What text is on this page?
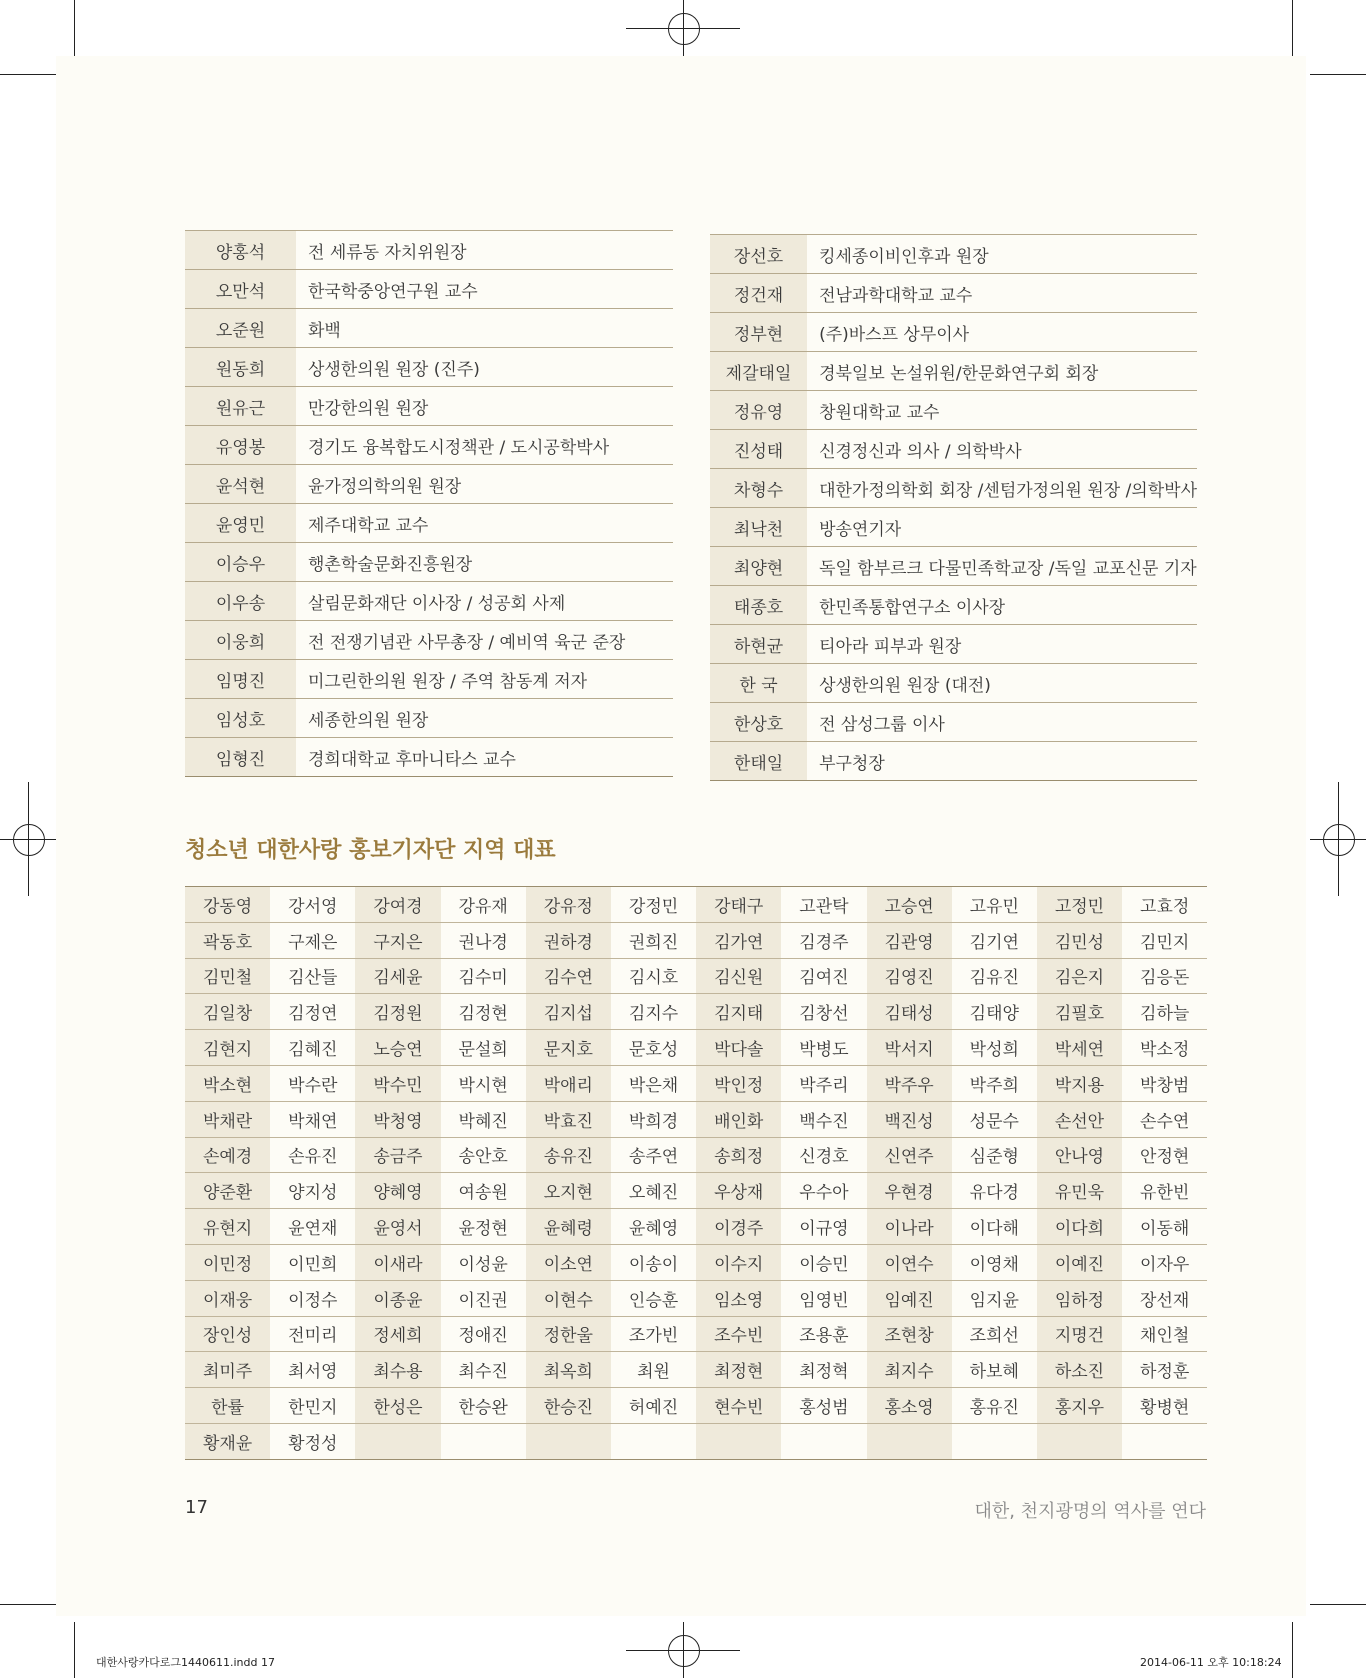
양홍석	전 세류동 자치위원장
오만석	한국학중앙연구원 교수
오준원	화백
원동희	상생한의원 원장 (진주)
원유근	만강한의원 원장
유영봉	경기도 융복합도시정책관 / 도시공학박사
윤석현	윤가정의학의원 원장
윤영민	제주대학교 교수
이승우	행촌학술문화진흥원장
이우송	살림문화재단 이사장 / 성공회 사제
이웅희	전 전쟁기념관 사무총장 / 예비역 육군 준장
임명진	미그린한의원 원장 / 주역 참동계 저자
임성호	세종한의원 원장
임형진	경희대학교 후마니타스 교수
장선호	킹세종이비인후과 원장
정건재	전남과학대학교 교수
정부현	(주)바스프 상무이사
제갈태일	경북일보 논설위원/한문화연구회 회장
정유영	창원대학교 교수
진성태	신경정신과 의사 / 의학박사
차형수	대한가정의학회 회장 /센텀가정의원 원장 /의학박사
최낙천	방송연기자
최양현	독일 함부르크 다물민족학교장 /독일 교포신문 기자
태종호	한민족통합연구소 이사장
하현균	티아라 피부과 원장
한 국	상생한의원 원장 (대전)
한상호	전 삼성그룹 이사
한태일	부구청장
청소년 대한사랑 홍보기자단 지역 대표
강동영	강서영	강여경	강유재	강유정	강정민	강태구	고관탁	고승연	고유민	고정민	고효정
곽동호	구제은	구지은	권나경	권하경	권희진	김가연	김경주	김관영	김기연	김민성	김민지
김민철	김산들	김세윤	김수미	김수연	김시호	김신원	김여진	김영진	김유진	김은지	김응돈
김일창	김정연	김정원	김정현	김지섭	김지수	김지태	김창선	김태성	김태양	김필호	김하늘
김현지	김혜진	노승연	문설희	문지호	문호성	박다솔	박병도	박서지	박성희	박세연	박소정
박소현	박수란	박수민	박시현	박애리	박은채	박인정	박주리	박주우	박주희	박지용	박창범
박채란	박채연	박청영	박혜진	박효진	박희경	배인화	백수진	백진성	성문수	손선안	손수연
손예경	손유진	송금주	송안호	송유진	송주연	송희정	신경호	신연주	심준형	안나영	안정현
양준환	양지성	양혜영	여송원	오지현	오혜진	우상재	우수아	우현경	유다경	유민욱	유한빈
유현지	윤연재	윤영서	윤정현	윤혜령	윤혜영	이경주	이규영	이나라	이다해	이다희	이동해
이민정	이민희	이새라	이성윤	이소연	이송이	이수지	이승민	이연수	이영채	이예진	이자우
이재웅	이정수	이종윤	이진권	이현수	인승훈	임소영	임영빈	임예진	임지윤	임하정	장선재
장인성	전미리	정세희	정애진	정한울	조가빈	조수빈	조용훈	조현창	조희선	지명건	채인철
최미주	최서영	최수용	최수진	최옥희	최원	최정현	최정혁	최지수	하보혜	하소진	하정훈
한률	한민지	한성은	한승완	한승진	허예진	현수빈	홍성범	홍소영	홍유진	홍지우	황병현
황재윤	황정성										
17	대한, 천지광명의 역사를 연다
대한사랑카다로그1440611.indd 17	2014-06-11 오후 10:18:24
